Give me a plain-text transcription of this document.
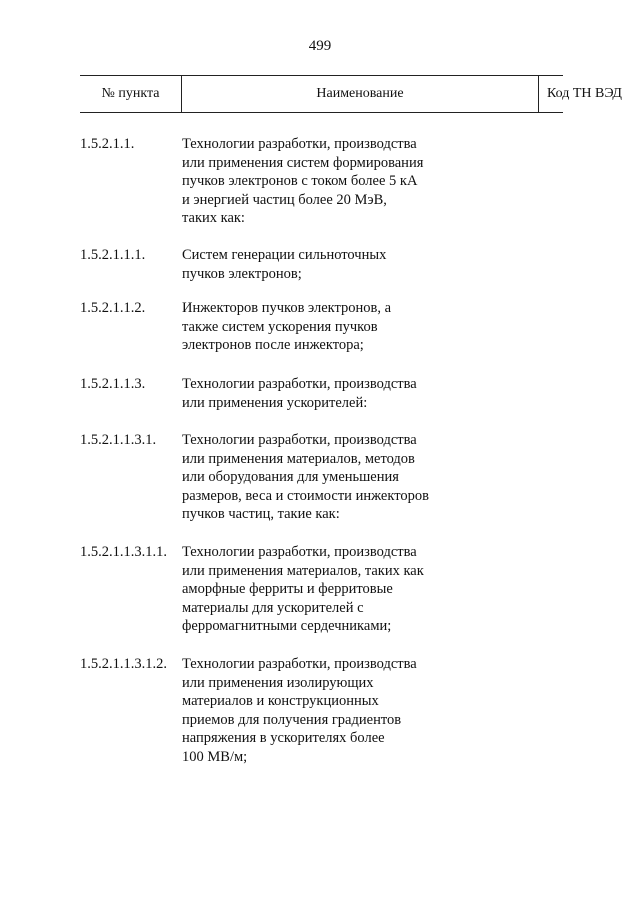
499
№ пункта	Наименование	Код ТН ВЭД
1.5.2.1.1.	Технологии разработки, производства
или применения систем формирования
пучков электронов с током более 5 кА
и энергией частиц более 20 МэВ,
таких как:
1.5.2.1.1.1.	Систем генерации сильноточных
пучков электронов;
1.5.2.1.1.2.	Инжекторов пучков электронов, а
также систем ускорения пучков
электронов после инжектора;
1.5.2.1.1.3.	Технологии разработки, производства
или применения ускорителей:
1.5.2.1.1.3.1. Технологии разработки, производства
или применения материалов, методов
или оборудования для уменьшения
размеров, веса и стоимости инжекторов
пучков частиц, такие как:
1.5.2.1.1.3.1.1. Технологии разработки, производства
или применения материалов, таких как
аморфные ферриты и ферритовые
материалы для ускорителей с
ферромагнитными сердечниками;
1.5.2.1.1.3.1.2. Технологии разработки, производства
или применения изолирующих
материалов и конструкционных
приемов для получения градиентов
напряжения в ускорителях более
100 МВ/м;
